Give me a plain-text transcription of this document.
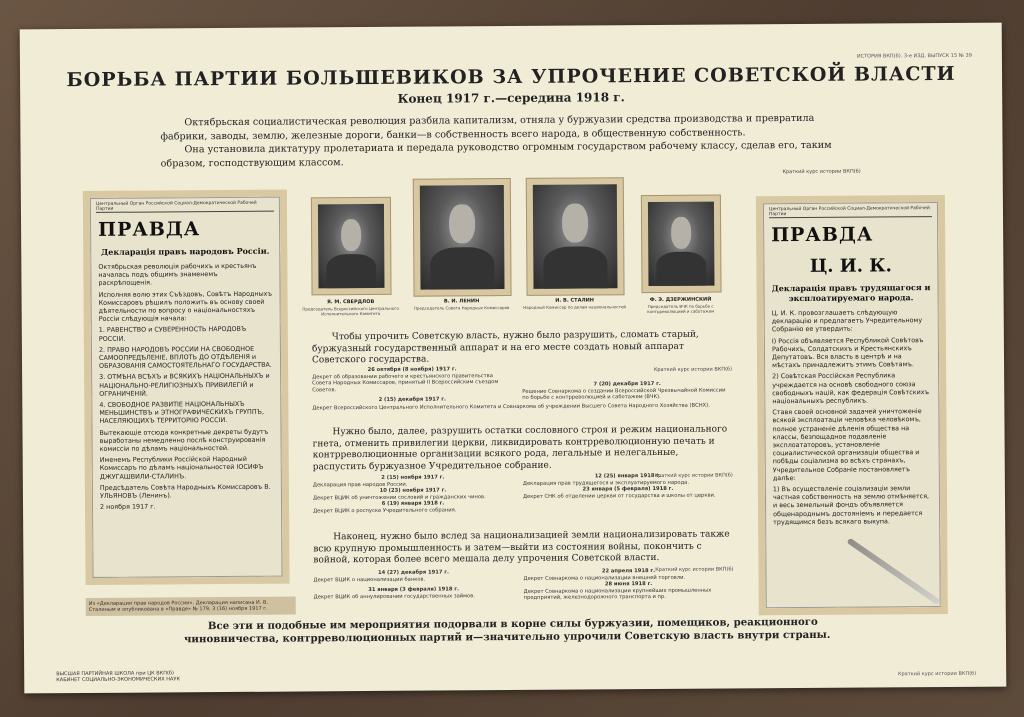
ИСТОРИЯ ВКП(б). 3-е ИЗД. ВЫПУСК 15 № 39
БОРЬБА ПАРТИИ БОЛЬШЕВИКОВ ЗА УПРОЧЕНИЕ СОВЕТСКОЙ ВЛАСТИ
Конец 1917 г.—середина 1918 г.

Октябрьская социалистическая революция разбила капитализм, отняла у буржуазии средства производства и превратила фабрики, заводы, землю, железные дороги, банки—в собственность всего народа, в общественную собственность.

Она установила диктатуру пролетариата и передала руководство огромным государством рабочему классу, сделав его, таким образом, господствующим классом.

Краткий курс истории ВКП(б)
Центральный Орган Российской Социал-Демократической Рабочей Партии
ПРАВДА
Декларація правъ народовъ Россіи.

Октябрьская революція рабочихъ и крестьянъ началась подъ общимъ знаменемъ раскрѣпощенія.

Исполняя волю этих Съѣздовъ, Совѣтъ Народныхъ Комиссаровъ рѣшилъ положить въ основу своей дѣятельности по вопросу о національностяхъ Россіи слѣдующія начала:

1. РАВЕНСТВО и СУВЕРЕННОСТЬ НАРОДОВЪ РОССІИ.

2. ПРАВО НАРОДОВЪ РОССИИ НА СВОБОДНОЕ САМООПРЕДѢЛЕНІЕ, ВПЛОТЬ ДО ОТДѢЛЕНІЯ и ОБРАЗОВАНІЯ САМОСТОЯТЕЛЬНАГО ГОСУДАРСТВА.

3. ОТМѢНА ВСѢХЪ и ВСЯКИХЪ НАЦІОНАЛЬНЫХЪ и НАЦІОНАЛЬНО-РЕЛИГІОЗНЫХЪ ПРИВИЛЕГІЙ и ОГРАНИЧЕНІЙ.

4. СВОБОДНОЕ РАЗВИТІЕ НАЦІОНАЛЬНЫХЪ МЕНЬШИНСТВЪ и ЭТНОГРАФИЧЕСКИХЪ ГРУППЪ, НАСЕЛЯЮЩИХЪ ТЕРРИТОРІЮ РОССІИ.

Вытекающіе отсюда конкретные декреты будутъ выработаны немедленно послѣ конструированія комиссіи по дѣламъ національностей.

Именемъ Республики Россійской Народный Комиссаръ по дѣламъ національностей ІОСИФЪ ДЖУГАШВИЛИ-СТАЛИНЪ.

Предсѣдатель Совѣта Народныхъ Комиссаровъ В. УЛЬЯНОВЪ (Ленинъ).

2 ноября 1917 г.

Из «Декларации прав народов России». Декларация написана И. В. Сталиным и опубликована в «Правде» № 179, 3 (16) ноября 1917 г.
Центральный Орган Российской Социал-Демократической Рабочей Партии
ПРАВДА
Ц. И. К.
Декларація правъ трудящагося и эксплоатируемаго народа.

Ц. И. К. провозглашаетъ слѣдующую декларацію и предлагаетъ Учредительному Собранію ее утвердить:

I) Россія объявляется Республикой Совѣтовъ Рабочихъ, Солдатскихъ и Крестьянскихъ Депутатовъ. Вся власть в центрѣ и на мѣстахъ принадлежитъ этимъ Совѣтамъ.

2) Совѣтская Россійская Республика учреждается на основѣ свободного союза свободныхъ націй, как федерація Совѣтскихъ національныхъ республикъ.

Ставя своей основной задачей уничтоженіе всякой эксплоатаціи человѣка человѣкомъ, полное устраненіе дѣленія общества на классы, безпощадное подавленіе эксплоататоровъ, установленіе социалистической организаціи общества и побѣды соціализма во всѣхъ странахъ, Учредительное Собраніе постановляетъ далѣе:

1) Въ осуществленіе соціализаціи земли частная собственность на землю отмѣняется, и весь земельный фондъ объявляется общенароднымъ достояніемъ и передается трудящимся безъ всякаго выкупа.

Я. М. СВЕРДЛОВ
Председатель Всероссийского Центрального Исполнительного Комитета
В. И. ЛЕНИН
Председатель Совета Народных Комиссаров
И. В. СТАЛИН
Народный Комиссар по делам национальностей
Ф. Э. ДЗЕРЖИНСКИЙ
Председатель ВЧК по борьбе с контрреволюцией и саботажем

Чтобы упрочить Советскую власть, нужно было разрушить, сломать старый, буржуазный государственный аппарат и на его месте создать новый аппарат Советского государства.

Краткий курс истории ВКП(б)
26 октября (8 ноября) 1917 г.
Декрет об образовании рабочего и крестьянского правительства Совета Народных Комиссаров, принятый II Всероссийским съездом Советов.
2 (15) декабря 1917 г.
Декрет Всероссийского Центрального Исполнительного Комитета и Совнаркома об учреждении Высшего Совета Народного Хозяйства (ВСНХ).
7 (20) декабря 1917 г.
Решение Совнаркома о создании Всероссийской Чрезвычайной Комиссии по борьбе с контрреволюцией и саботажем (ВЧК).

Нужно было, далее, разрушить остатки сословного строя и режим национального гнета, отменить привилегии церкви, ликвидировать контрреволюционную печать и контрреволюционные организации всякого рода, легальные и нелегальные, распустить буржуазное Учредительное собрание.

Краткий курс истории ВКП(б)
2 (15) ноября 1917 г.
Декларация прав народов России.
10 (23) ноября 1917 г.
Декрет ВЦИК об уничтожении сословий и гражданских чинов.
6 (19) января 1918 г.
Декрет ВЦИК о роспуске Учредительного собрания.
12 (25) января 1918 г.
Декларация прав трудящегося и эксплуатируемого народа.
23 января (5 февраля) 1918 г.
Декрет СНК об отделении церкви от государства и школы от церкви.

Наконец, нужно было вслед за национализацией земли национализировать также всю крупную промышленность и затем—выйти из состояния войны, покончить с войной, которая более всего мешала делу упрочения Советской власти.

Краткий курс истории ВКП(б)
14 (27) декабря 1917 г.
Декрет ВЦИК о национализации банков.
31 января (3 февраля) 1918 г.
Декрет ВЦИК об аннулировании государственных займов.
22 апреля 1918 г.
Декрет Совнаркома о национализации внешней торговли.
28 июня 1918 г.
Декрет Совнаркома о национализации крупнейших промышленных предприятий, железнодорожного транспорта и пр.

Все эти и подобные им мероприятия подорвали в корне силы буржуазии, помещиков, реакционного чиновничества, контрреволюционных партий и—значительно упрочили Советскую власть внутри страны.

ВЫСШАЯ ПАРТИЙНАЯ ШКОЛА при ЦК ВКП(б)
КАБИНЕТ СОЦИАЛЬНО-ЭКОНОМИЧЕСКИХ НАУК
Краткий курс истории ВКП(б)
